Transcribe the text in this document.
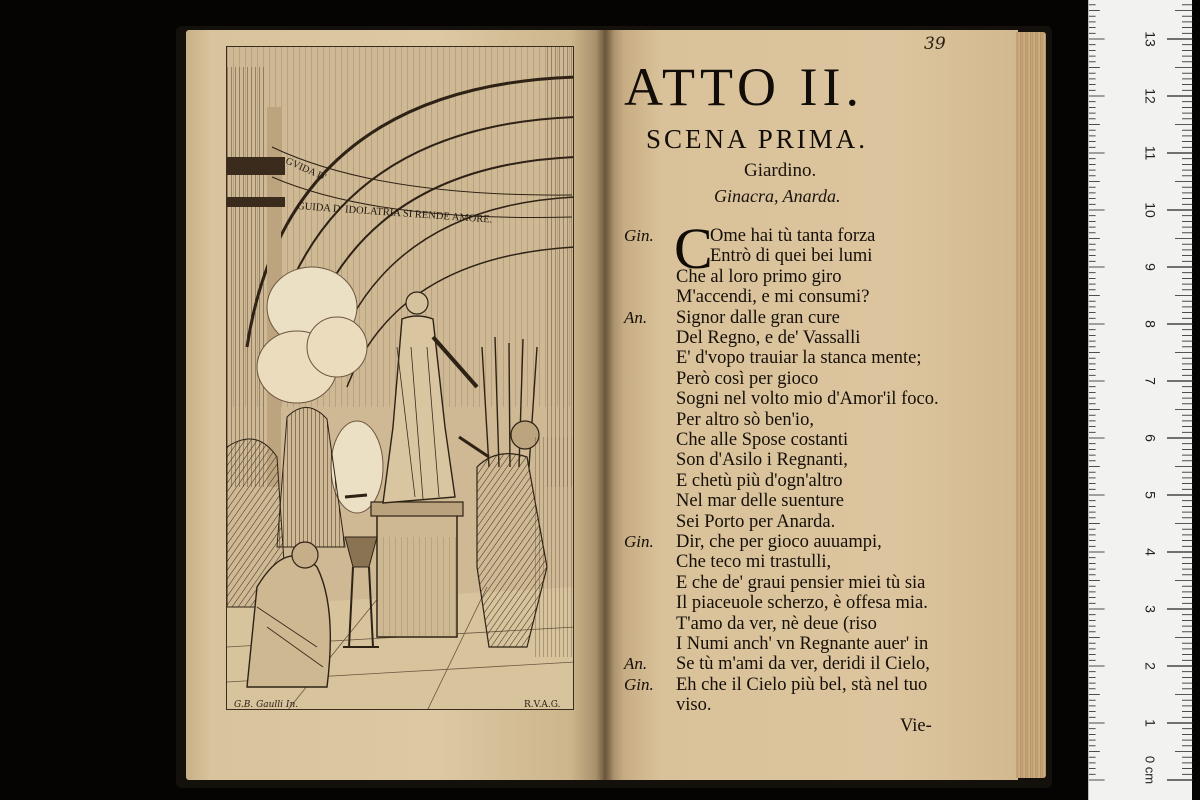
GVIDA D'
GUIDA D' IDOLATRIA SI RENDE AMORE.
G.B. Gaulli In.	R.V.A.G.
39
ATTO II.
SCENA PRIMA.
Giardino.
Ginacra, Anarda.
C
Gin.	Ome hai tù tanta forza
Entrò di quei bei lumi
Che al loro primo giro
M'accendi, e mi consumi?
An. Signor dalle gran cure
Del Regno, e de' Vassalli
E' d'vopo trauiar la stanca mente;
Però così per gioco
Sogni nel volto mio d'Amor'il foco.
Per altro sò ben'io,
Che alle Spose costanti
Son d'Asilo i Regnanti,
E chetù più d'ogn'altro
Nel mar delle suenture
Sei Porto per Anarda.
Gin. Dir, che per gioco auuampi,
Che teco mi trastulli,
E che de' graui pensier miei tù sia
Il piaceuole scherzo, è offesa mia.
T'amo da ver, nè deue (riso
I Numi anch' vn Regnante auer' in
An. Se tù m'ami da ver, deridi il Cielo,
Gin. Eh che il Cielo più bel, stà nel tuo
viso.
Vie-	1
2
3
4
5
6
7
8
9
10
11
12
13
0 cm
